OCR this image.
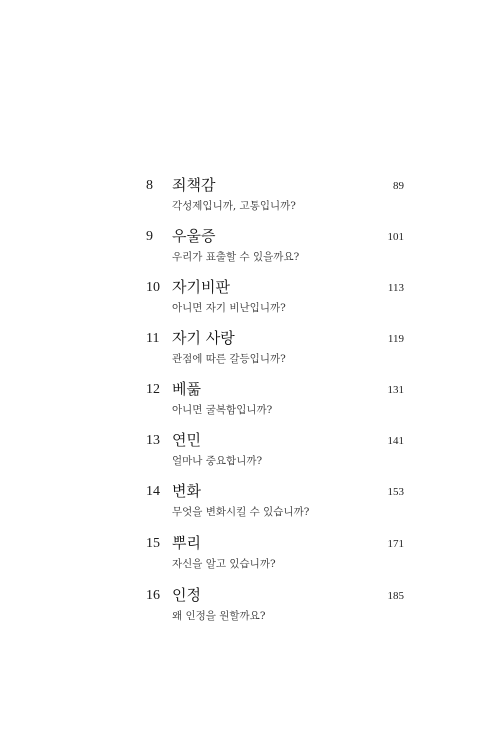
8 죄책감
각성제입니까, 고통입니까?
89
9 우울증
우리가 표출할 수 있을까요?
101
10 자기비판
아니면 자기 비난입니까?
113
11 자기 사랑
관점에 따른 갈등입니까?
119
12 베풂
아니면 굴복함입니까?
131
13 연민
얼마나 중요합니까?
141
14 변화
무엇을 변화시킬 수 있습니까?
153
15 뿌리
자신을 알고 있습니까?
171
16 인정
왜 인정을 원할까요?
185
